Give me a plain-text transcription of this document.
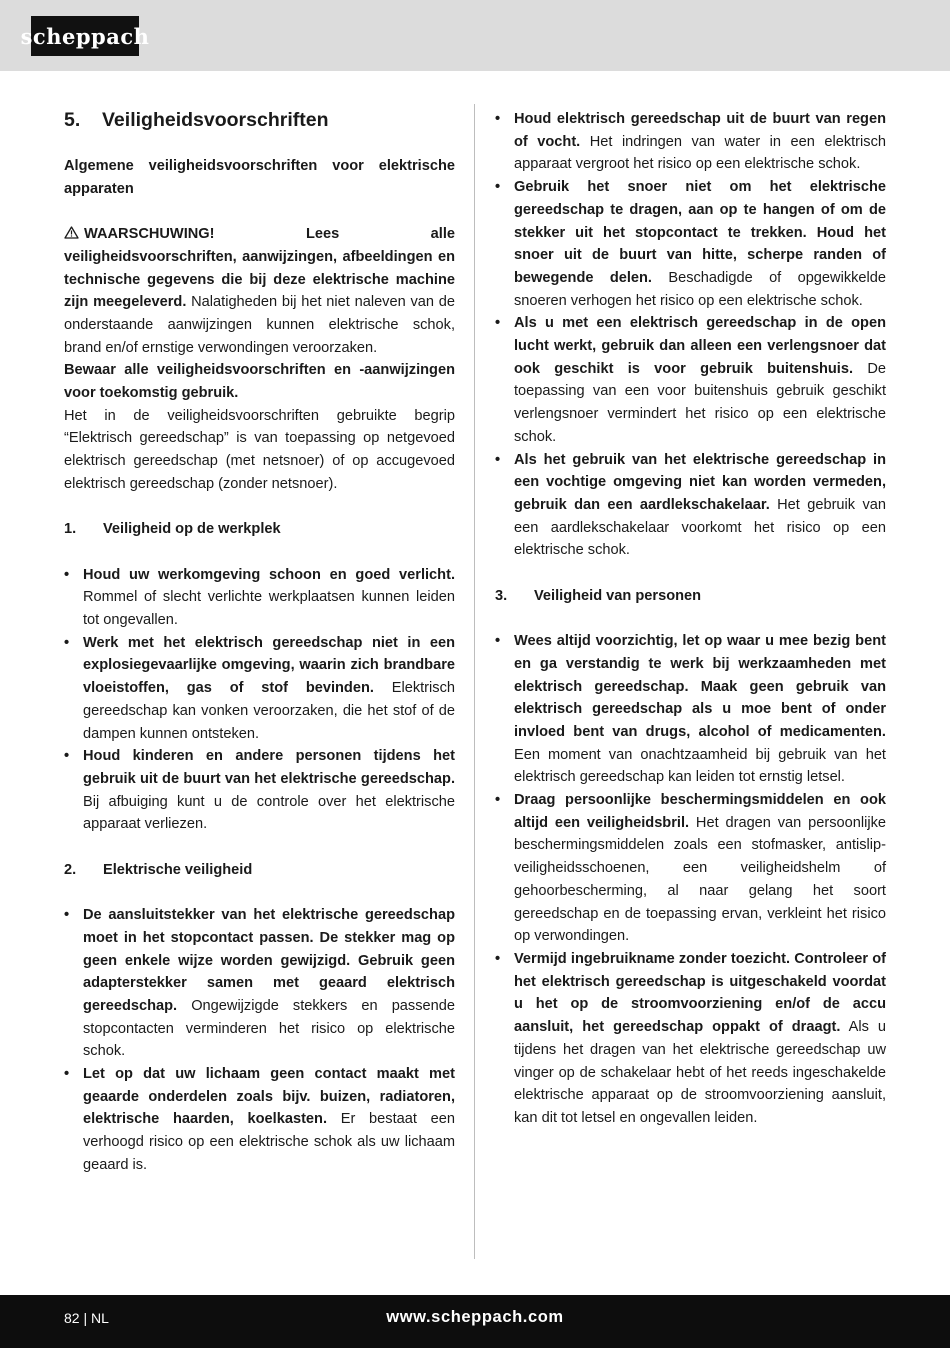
scheppach

5.	Veiligheidsvoorschriften

Algemene veiligheidsvoorschriften voor elektrische apparaten

WAARSCHUWING! Lees alle veiligheidsvoorschriften, aanwijzingen, afbeeldingen en technische gegevens die bij deze elektrische machine zijn meegeleverd. Nalatigheden bij het niet naleven van de onderstaande aanwijzingen kunnen elektrische schok, brand en/of ernstige verwondingen veroorzaken.

Bewaar alle veiligheidsvoorschriften en -aanwijzingen voor toekomstig gebruik.

Het in de veiligheidsvoorschriften gebruikte begrip “Elektrisch gereedschap” is van toepassing op netgevoed elektrisch gereedschap (met netsnoer) of op accugevoed elektrisch gereedschap (zonder netsnoer).

1.	Veiligheid op de werkplek

• Houd uw werkomgeving schoon en goed verlicht. Rommel of slecht verlichte werkplaatsen kunnen leiden tot ongevallen.
• Werk met het elektrisch gereedschap niet in een explosiegevaarlijke omgeving, waarin zich brandbare vloeistoffen, gas of stof bevinden. Elektrisch gereedschap kan vonken veroorzaken, die het stof of de dampen kunnen ontsteken.
• Houd kinderen en andere personen tijdens het gebruik uit de buurt van het elektrische gereedschap. Bij afbuiging kunt u de controle over het elektrische apparaat verliezen.

2.	Elektrische veiligheid

• De aansluitstekker van het elektrische gereedschap moet in het stopcontact passen. De stekker mag op geen enkele wijze worden gewijzigd. Gebruik geen adapterstekker samen met geaard elektrisch gereedschap. Ongewijzigde stekkers en passende stopcontacten verminderen het risico op elektrische schok.
• Let op dat uw lichaam geen contact maakt met geaarde onderdelen zoals bijv. buizen, radiatoren, elektrische haarden, koelkasten. Er bestaat een verhoogd risico op een elektrische schok als uw lichaam geaard is.
• Houd elektrisch gereedschap uit de buurt van regen of vocht. Het indringen van water in een elektrisch apparaat vergroot het risico op een elektrische schok.
• Gebruik het snoer niet om het elektrische gereedschap te dragen, aan op te hangen of om de stekker uit het stopcontact te trekken. Houd het snoer uit de buurt van hitte, scherpe randen of bewegende delen. Beschadigde of opgewikkelde snoeren verhogen het risico op een elektrische schok.
• Als u met een elektrisch gereedschap in de open lucht werkt, gebruik dan alleen een verlengsnoer dat ook geschikt is voor gebruik buitenshuis. De toepassing van een voor buitenshuis gebruik geschikt verlengsnoer vermindert het risico op een elektrische schok.
• Als het gebruik van het elektrische gereedschap in een vochtige omgeving niet kan worden vermeden, gebruik dan een aardlekschakelaar. Het gebruik van een aardlekschakelaar voorkomt het risico op een elektrische schok.

3.	Veiligheid van personen

• Wees altijd voorzichtig, let op waar u mee bezig bent en ga verstandig te werk bij werkzaamheden met elektrisch gereedschap. Maak geen gebruik van elektrisch gereedschap als u moe bent of onder invloed bent van drugs, alcohol of medicamenten. Een moment van onachtzaamheid bij gebruik van het elektrisch gereedschap kan leiden tot ernstig letsel.
• Draag persoonlijke beschermingsmiddelen en ook altijd een veiligheidsbril. Het dragen van persoonlijke beschermingsmiddelen zoals een stofmasker, antislip-veiligheidsschoenen, een veiligheidshelm of gehoorbescherming, al naar gelang het soort gereedschap en de toepassing ervan, verkleint het risico op verwondingen.
• Vermijd ingebruikname zonder toezicht. Controleer of het elektrisch gereedschap is uitgeschakeld voordat u het op de stroomvoorziening en/of de accu aansluit, het gereedschap oppakt of draagt. Als u tijdens het dragen van het elektrische gereedschap uw vinger op de schakelaar hebt of het reeds ingeschakelde elektrische apparaat op de stroomvoorziening aansluit, kan dit tot letsel en ongevallen leiden.
82 | NL	www.scheppach.com
